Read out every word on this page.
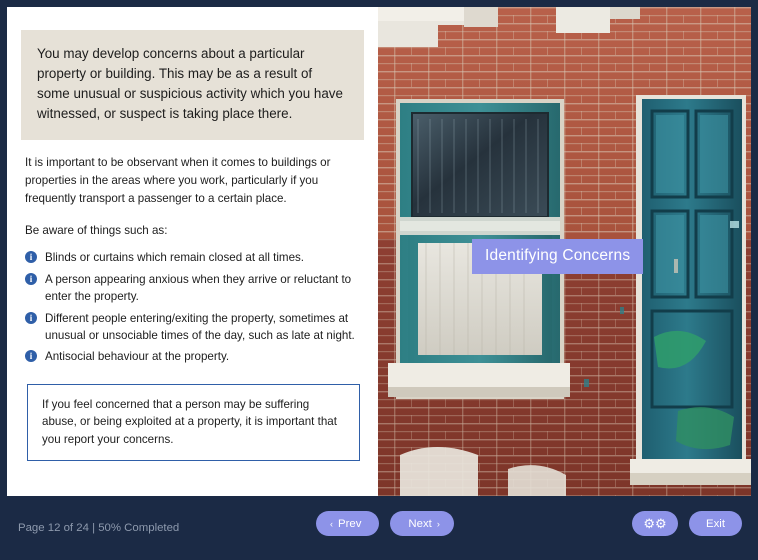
You may develop concerns about a particular property or building. This may be as a result of some unusual or suspicious activity which you have witnessed, or suspect is taking place there.
It is important to be observant when it comes to buildings or properties in the areas where you work, particularly if you frequently transport a passenger to a certain place.
Be aware of things such as:
i	Blinds or curtains which remain closed at all times.
i	A person appearing anxious when they arrive or reluctant to enter the property.
i	Different people entering/exiting the property, sometimes at unusual or unsociable times of the day, such as late at night.
i	Antisocial behaviour at the property.
If you feel concerned that a person may be suffering abuse, or being exploited at a property, it is important that you report your concerns.
Identifying Concerns
Page 12 of 24 | 50% Completed	‹ Prev	Next ›	⚙⚙	Exit
